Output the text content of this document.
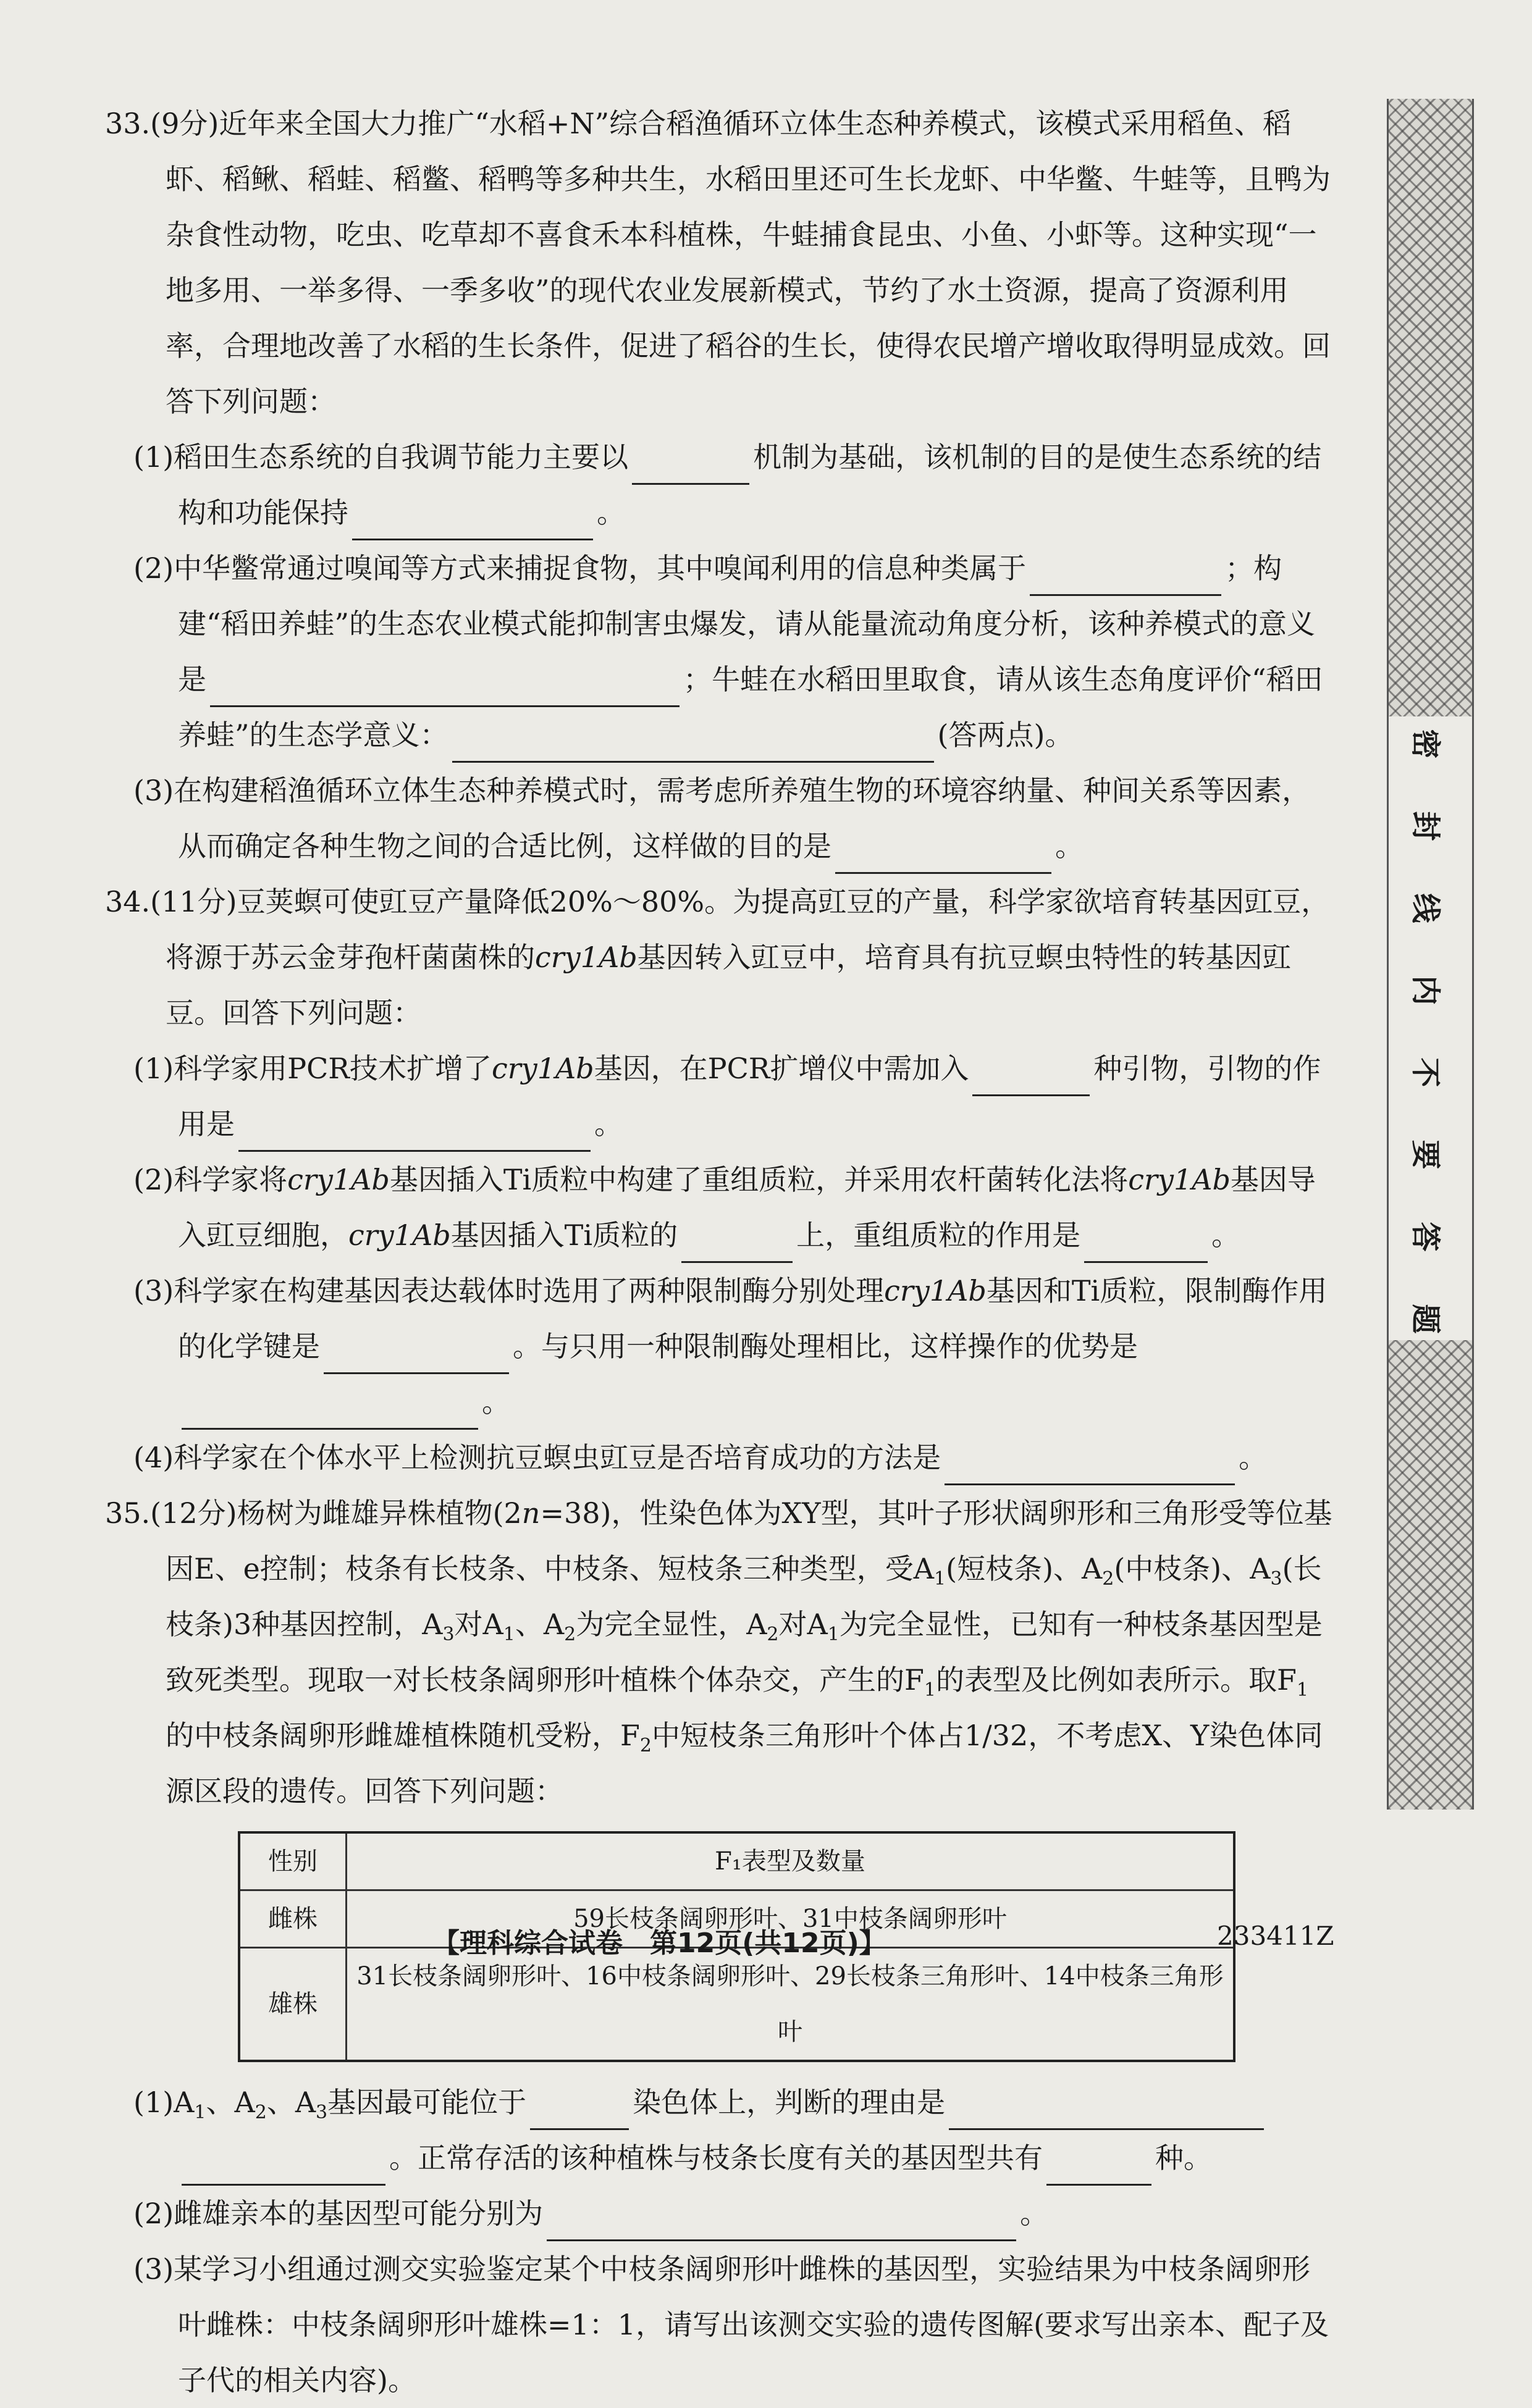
33.(9分)近年来全国大力推广“水稻+N”综合稻渔循环立体生态种养模式，该模式采用稻鱼、稻虾、稻鳅、稻蛙、稻鳖、稻鸭等多种共生，水稻田里还可生长龙虾、中华鳖、牛蛙等，且鸭为杂食性动物，吃虫、吃草却不喜食禾本科植株，牛蛙捕食昆虫、小鱼、小虾等。这种实现“一地多用、一举多得、一季多收”的现代农业发展新模式，节约了水土资源，提高了资源利用率，合理地改善了水稻的生长条件，促进了稻谷的生长，使得农民增产增收取得明显成效。回答下列问题：
(1)稻田生态系统的自我调节能力主要以	机制为基础，该机制的目的是使生态系统的结构和功能保持	。
(2)中华鳖常通过嗅闻等方式来捕捉食物，其中嗅闻利用的信息种类属于	；构建“稻田养蛙”的生态农业模式能抑制害虫爆发，请从能量流动角度分析，该种养模式的意义是	；牛蛙在水稻田里取食，请从该生态角度评价“稻田养蛙”的生态学意义：	(答两点)。
(3)在构建稻渔循环立体生态种养模式时，需考虑所养殖生物的环境容纳量、种间关系等因素，从而确定各种生物之间的合适比例，这样做的目的是	。
34.(11分)豆荚螟可使豇豆产量降低20%～80%。为提高豇豆的产量，科学家欲培育转基因豇豆，将源于苏云金芽孢杆菌菌株的cry1Ab基因转入豇豆中，培育具有抗豆螟虫特性的转基因豇豆。回答下列问题：
(1)科学家用PCR技术扩增了cry1Ab基因，在PCR扩增仪中需加入	种引物，引物的作用是	。
(2)科学家将cry1Ab基因插入Ti质粒中构建了重组质粒，并采用农杆菌转化法将cry1Ab基因导入豇豆细胞，cry1Ab基因插入Ti质粒的	上，重组质粒的作用是	。
(3)科学家在构建基因表达载体时选用了两种限制酶分别处理cry1Ab基因和Ti质粒，限制酶作用的化学键是	。与只用一种限制酶处理相比，这样操作的优势是。
(4)科学家在个体水平上检测抗豆螟虫豇豆是否培育成功的方法是	。
35.(12分)杨树为雌雄异株植物(2n=38)，性染色体为XY型，其叶子形状阔卵形和三角形受等位基因E、e控制；枝条有长枝条、中枝条、短枝条三种类型，受$A_1$(短枝条)、$A_2$(中枝条)、$A_3$(长枝条)3种基因控制，$A_3$对$A_1$、$A_2$为完全显性，$A_2$对$A_1$为完全显性，已知有一种枝条基因型是致死类型。现取一对长枝条阔卵形叶植株个体杂交，产生的$F_1$的表型及比例如表所示。取$F_1$的中枝条阔卵形雌雄植株随机受粉，$F_2$中短枝条三角形叶个体占1/32，不考虑X、Y染色体同源区段的遗传。回答下列问题：
性别	F₁表型及数量
雌株	59长枝条阔卵形叶、31中枝条阔卵形叶
雄株	31长枝条阔卵形叶、16中枝条阔卵形叶、29长枝条三角形叶、14中枝条三角形叶
$(1)A_1$、$A_2$、$A_3$基因最可能位于	染色体上，判断的理由是。正常存活的该种植株与枝条长度有关的基因型共有	种。
(2)雌雄亲本的基因型可能分别为	。
(3)某学习小组通过测交实验鉴定某个中枝条阔卵形叶雌株的基因型，实验结果为中枝条阔卵形叶雌株：中枝条阔卵形叶雄株=1：1，请写出该测交实验的遗传图解(要求写出亲本、配子及子代的相关内容)。
密
封
线
内
不
要
答
题
【理科综合试卷　第12页(共12页)】	233411Z
